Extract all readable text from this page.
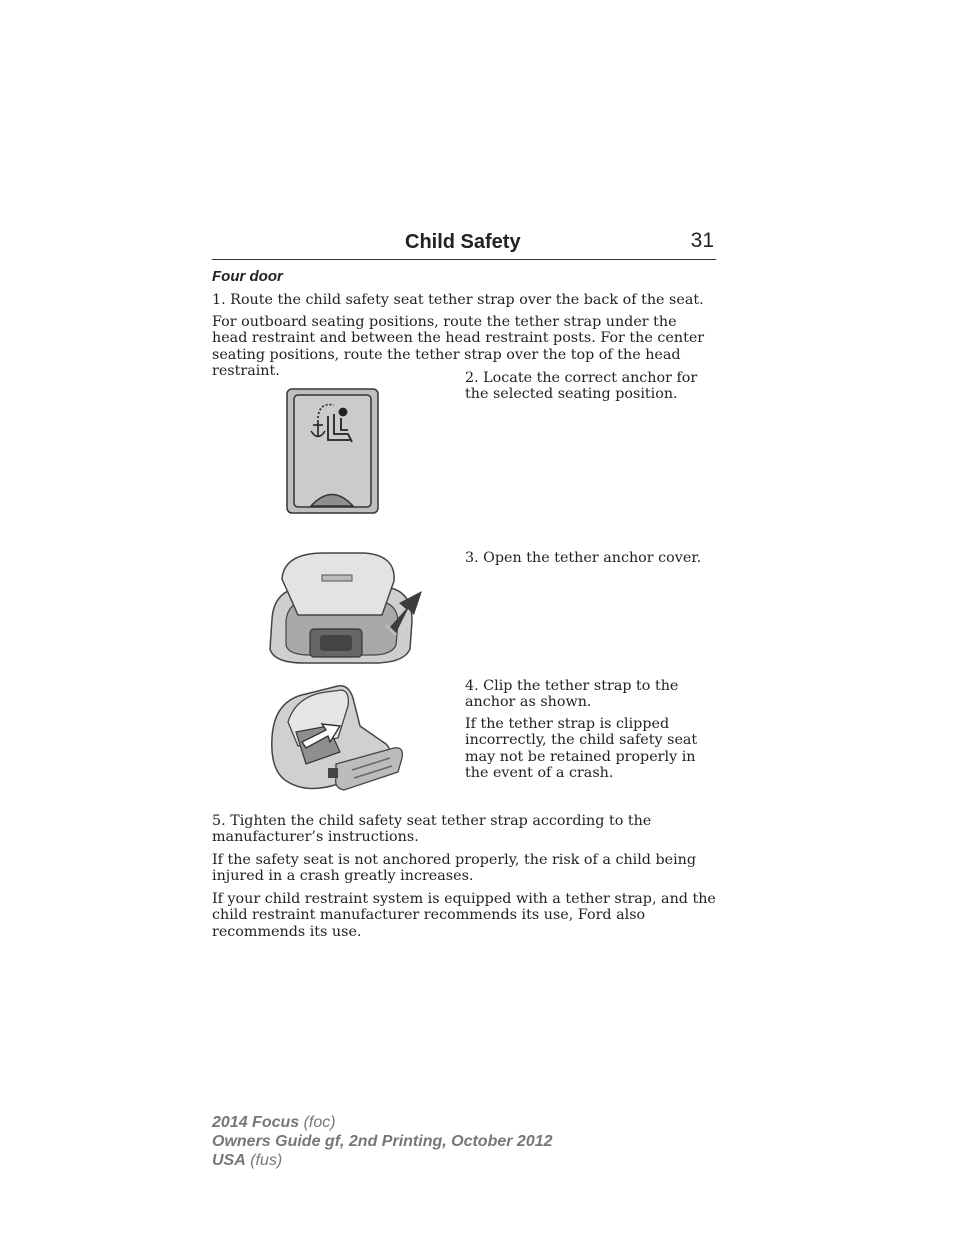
Child Safety	31
Four door

1. Route the child safety seat tether strap over the back of the seat.

For outboard seating positions, route the tether strap under the head restraint and between the head restraint posts. For the center seating positions, route the tether strap over the top of the head restraint.	2. Locate the correct anchor for the selected seating position.

3. Open the tether anchor cover.

4. Clip the tether strap to the anchor as shown.

If the tether strap is clipped incorrectly, the child safety seat may not be retained properly in the event of a crash.

5. Tighten the child safety seat tether strap according to the manufacturer’s instructions.

If the safety seat is not anchored properly, the risk of a child being injured in a crash greatly increases.

If your child restraint system is equipped with a tether strap, and the child restraint manufacturer recommends its use, Ford also recommends its use.

2014 Focus (foc)
Owners Guide gf, 2nd Printing, October 2012
USA (fus)
